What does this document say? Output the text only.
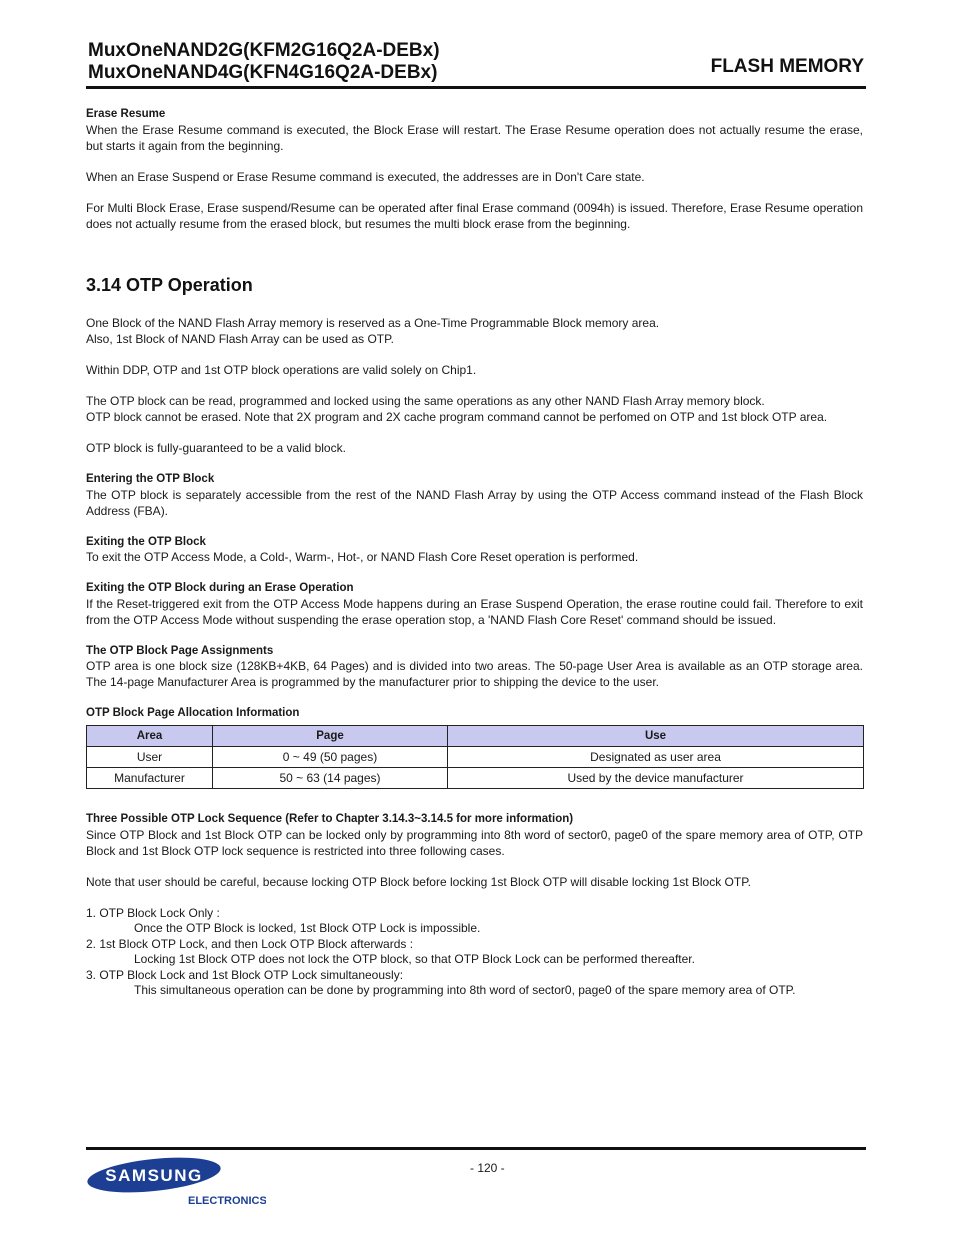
MuxOneNAND2G(KFM2G16Q2A-DEBx)
MuxOneNAND4G(KFN4G16Q2A-DEBx)	FLASH MEMORY
Erase Resume
When the Erase Resume command is executed, the Block Erase will restart. The Erase Resume operation does not actually resume the erase, but starts it again from the beginning.
When an Erase Suspend or Erase Resume command is executed, the addresses are in Don't Care state.
For Multi Block Erase, Erase suspend/Resume can be operated after final Erase command (0094h) is issued. Therefore, Erase Resume operation does not actually resume from the erased block, but resumes the multi block erase from the beginning.
3.14 OTP Operation
One Block of the NAND Flash Array memory is reserved as a One-Time Programmable Block memory area.
Also, 1st Block of NAND Flash Array can be used as OTP.
Within DDP, OTP and 1st OTP block operations are valid solely on Chip1.
The OTP block can be read, programmed and locked using the same operations as any other NAND Flash Array memory block.
OTP block cannot be erased. Note that 2X program and 2X cache program command cannot be perfomed on OTP and 1st block OTP area.
OTP block is fully-guaranteed to be a valid block.
Entering the OTP Block
The OTP block is separately accessible from the rest of the NAND Flash Array by using the OTP Access command instead of the Flash Block Address (FBA).
Exiting the OTP Block
To exit the OTP Access Mode, a Cold-, Warm-, Hot-, or NAND Flash Core Reset operation is performed.
Exiting the OTP Block during an Erase Operation
If the Reset-triggered exit from the OTP Access Mode happens during an Erase Suspend Operation, the erase routine could fail. Therefore to exit from the OTP Access Mode without suspending the erase operation stop, a 'NAND Flash Core Reset' command should be issued.
The OTP Block Page Assignments
OTP area is one block size (128KB+4KB, 64 Pages) and is divided into two areas. The 50-page User Area is available as an OTP storage area. The 14-page Manufacturer Area is programmed by the manufacturer prior to shipping the device to the user.
OTP Block Page Allocation Information
Area	Page	Use
User	0 ~ 49 (50 pages)	Designated as user area
Manufacturer	50 ~ 63 (14 pages)	Used by the device manufacturer
Three Possible OTP Lock Sequence (Refer to Chapter 3.14.3~3.14.5 for more information)
Since OTP Block and 1st Block OTP can be locked only by programming into 8th word of sector0, page0 of the spare memory area of OTP, OTP Block and 1st Block OTP lock sequence is restricted into three following cases.
Note that user should be careful, because locking OTP Block before locking 1st Block OTP will disable locking 1st Block OTP.
1. OTP Block Lock Only :
Once the OTP Block is locked, 1st Block OTP Lock is impossible.
2. 1st Block OTP Lock, and then Lock OTP Block afterwards :
Locking 1st Block OTP does not lock the OTP block, so that OTP Block Lock can be performed thereafter.
3. OTP Block Lock and 1st Block OTP Lock simultaneously:
This simultaneous operation can be done by programming into 8th word of sector0, page0 of the spare memory area of OTP.
- 120 -
SAMSUNG
ELECTRONICS
